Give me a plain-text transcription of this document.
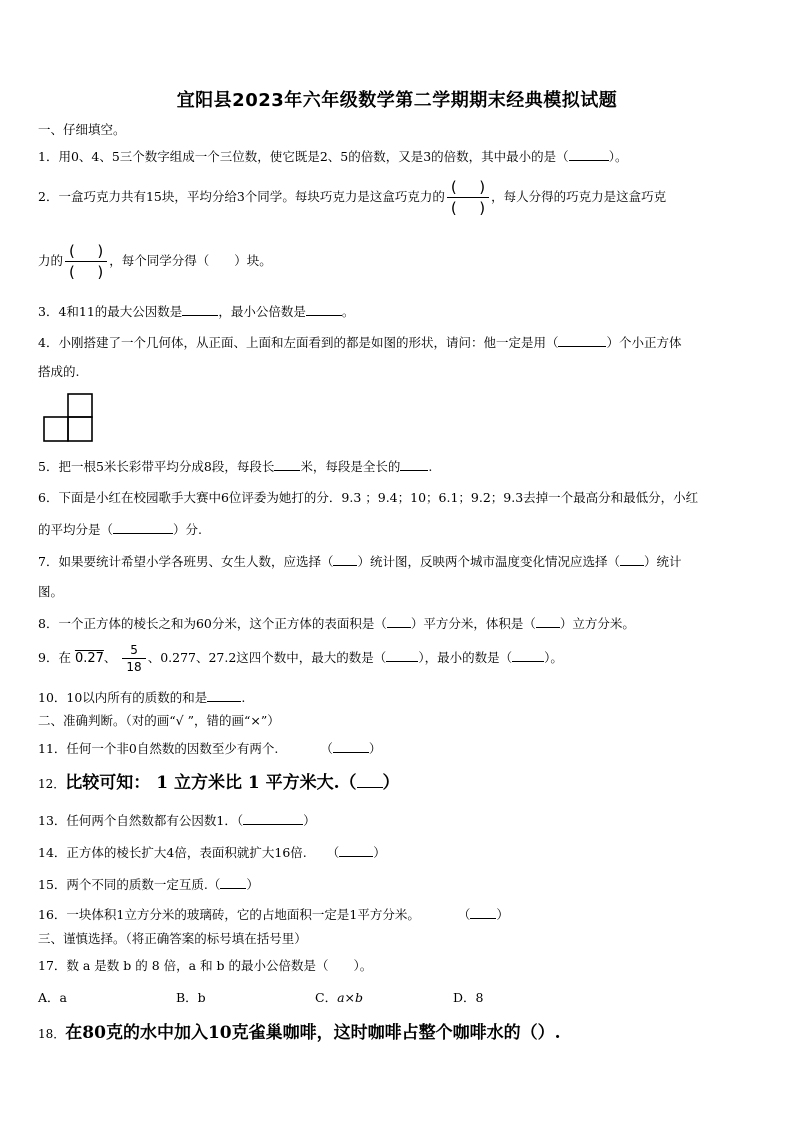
宜阳县2023年六年级数学第二学期期末经典模拟试题
一、仔细填空。
1．用0、4、5三个数字组成一个三位数，使它既是2、5的倍数，又是3的倍数，其中最小的是（	）。
2．一盒巧克力共有15块，平均分给3个同学。每块巧克力是这盒巧克力的 $\frac{( )}{( )}$ ，每人分得的巧克力是这盒巧克
力的 $\frac{( )}{( )}$ ，每个同学分得（　　）块。
3．4和11的最大公因数是	，最小公倍数是	。
4．小刚搭建了一个几何体，从正面、上面和左面看到的都是如图的形状，请问：他一定是用（	）个小正方体
搭成的.
5．把一根5米长彩带平均分成8段，每段长 米，每段是全长的 .
6．下面是小红在校园歌手大赛中6位评委为她打的分．9.3 ；9.4；10；6.1；9.2；9.3去掉一个最高分和最低分，小红
的平均分是（	）分.
7．如果要统计希望小学各班男、女生人数，应选择（ ）统计图，反映两个城市温度变化情况应选择（ ）统计
图。
8．一个正方体的棱长之和为60分米，这个正方体的表面积是（ ）平方分米，体积是（ ）立方分米。
9．在 0.27、 $\frac{5}{18}$ 、0.277、27.2这四个数中，最大的数是（	），最小的数是（	）。
10．10以内所有的质数的和是	.
二、准确判断。（对的画“√ ”，错的画“×”）
11．任何一个非0自然数的因数至少有两个.	（	）
12．比较可知： 1 立方米比 1 平方米大.（ ）
13．任何两个自然数都有公因数1．（	）
14．正方体的棱长扩大4倍，表面积就扩大16倍. （	）
15．两个不同的质数一定互质.（ ）
16．一块体积1立方分米的玻璃砖，它的占地面积一定是1平方分米。	（ ）
三、谨慎选择。（将正确答案的标号填在括号里）
17．数 a 是数 b 的 8 倍，a 和 b 的最小公倍数是（　　）。
A．a	B．b	C．a×b	D．8
18．在80克的水中加入10克雀巢咖啡，这时咖啡占整个咖啡水的（）.
